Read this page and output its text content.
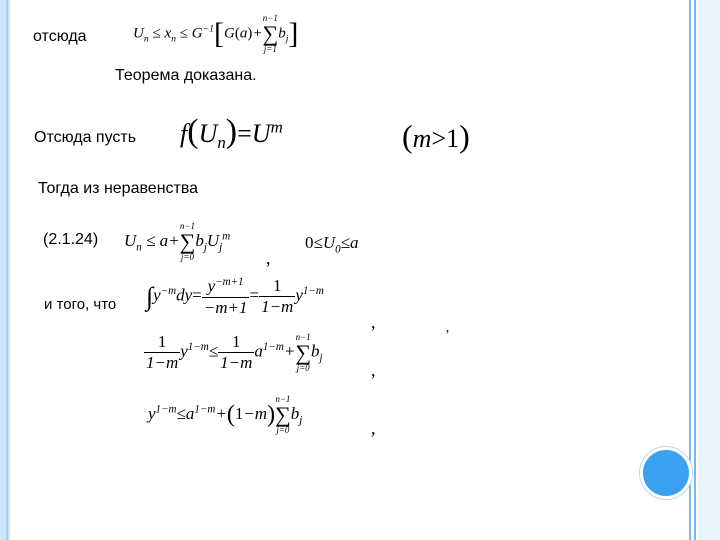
отсюда	$U_n \le x_n \le G^{-1}[G(a)+$
n−1
∑
j=1
$b_j$]
Теорема доказана.
Отсюда пусть $f(U_n)=U^m$	(m>1)
Тогда из неравенства
(2.1.24) $U_n \le a+$
n−1
∑
j=0
$b_jU_j^m$
,
$0\le U_0\le a$
и того, что $\int y^{-m}dy= \frac{y^{-m+1}}{-m+1} = \frac{1}{1-m} y^{1-m}$
,
’
$\frac{1}{1-m} y^{1-m}\le \frac{1}{1-m} a^{1-m}+$
n−1
∑
j=0
$b_j$
,
$y^{1-m}\le a^{1-m}+(1-m)$
n−1
∑
j=0
$b_j$	,
